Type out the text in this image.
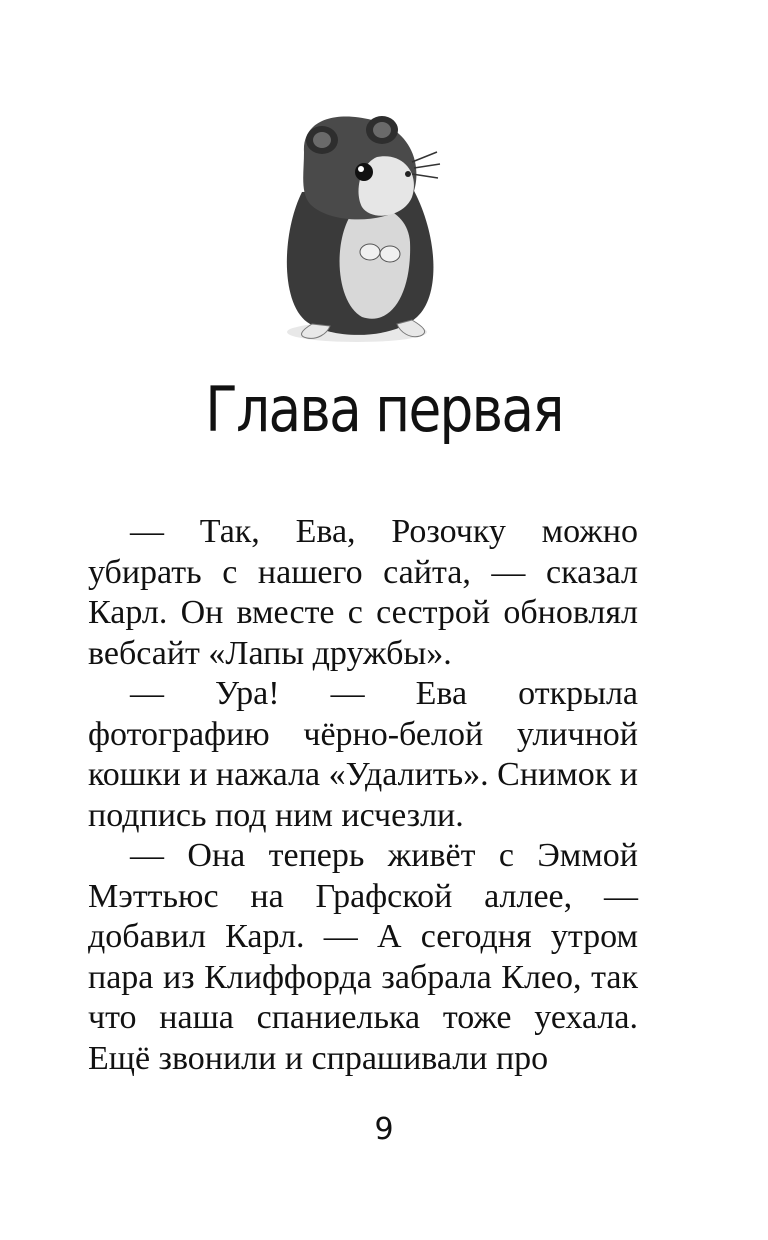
Глава первая

— Так, Ева, Розочку можно убирать с нашего сайта, — сказал Карл. Он вместе с сестрой обновлял вебсайт «Лапы дружбы».

— Ура! — Ева открыла фотографию чёрно-белой уличной кошки и нажала «Удалить». Снимок и подпись под ним исчезли.

— Она теперь живёт с Эммой Мэттьюс на Графской аллее, — добавил Карл. — А сегодня утром пара из Клиффорда забрала Клео, так что наша спаниелька тоже уехала. Ещё звонили и спрашивали про

9
